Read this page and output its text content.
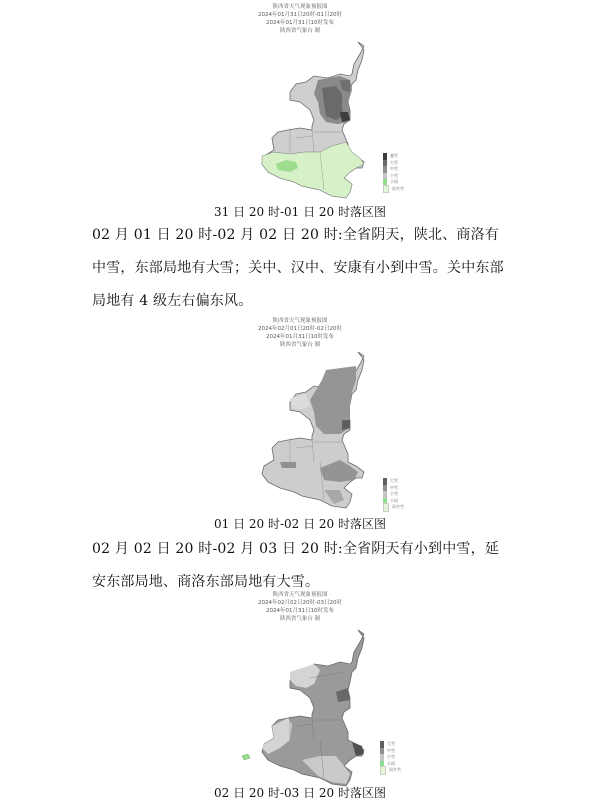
陕西省天气现象预报图
2024年01月31日20时-01日20时
2024年01月31日10时发布
陕西省气象台 制
暴雪
大雪
中雪
小雪
小雨
雨夹雪
31 日 20 时-01 日 20 时落区图
02 月 01 日 20 时-02 月 02 日 20 时:全省阴天，陕北、商洛有中雪，东部局地有大雪；关中、汉中、安康有小到中雪。关中东部局地有 4 级左右偏东风。
陕西省天气现象预报图
2024年02月01日20时-02日20时
2024年01月31日10时发布
陕西省气象台 制
大雪
中雪
小雪
小雨
雨夹雪
01 日 20 时-02 日 20 时落区图
02 月 02 日 20 时-02 月 03 日 20 时:全省阴天有小到中雪，延安东部局地、商洛东部局地有大雪。
陕西省天气现象预报图
2024年02月02日20时-03日20时
2024年01月31日10时发布
陕西省气象台 制
大雪
中雪
小雪
小雨
雨夹雪
02 日 20 时-03 日 20 时落区图
